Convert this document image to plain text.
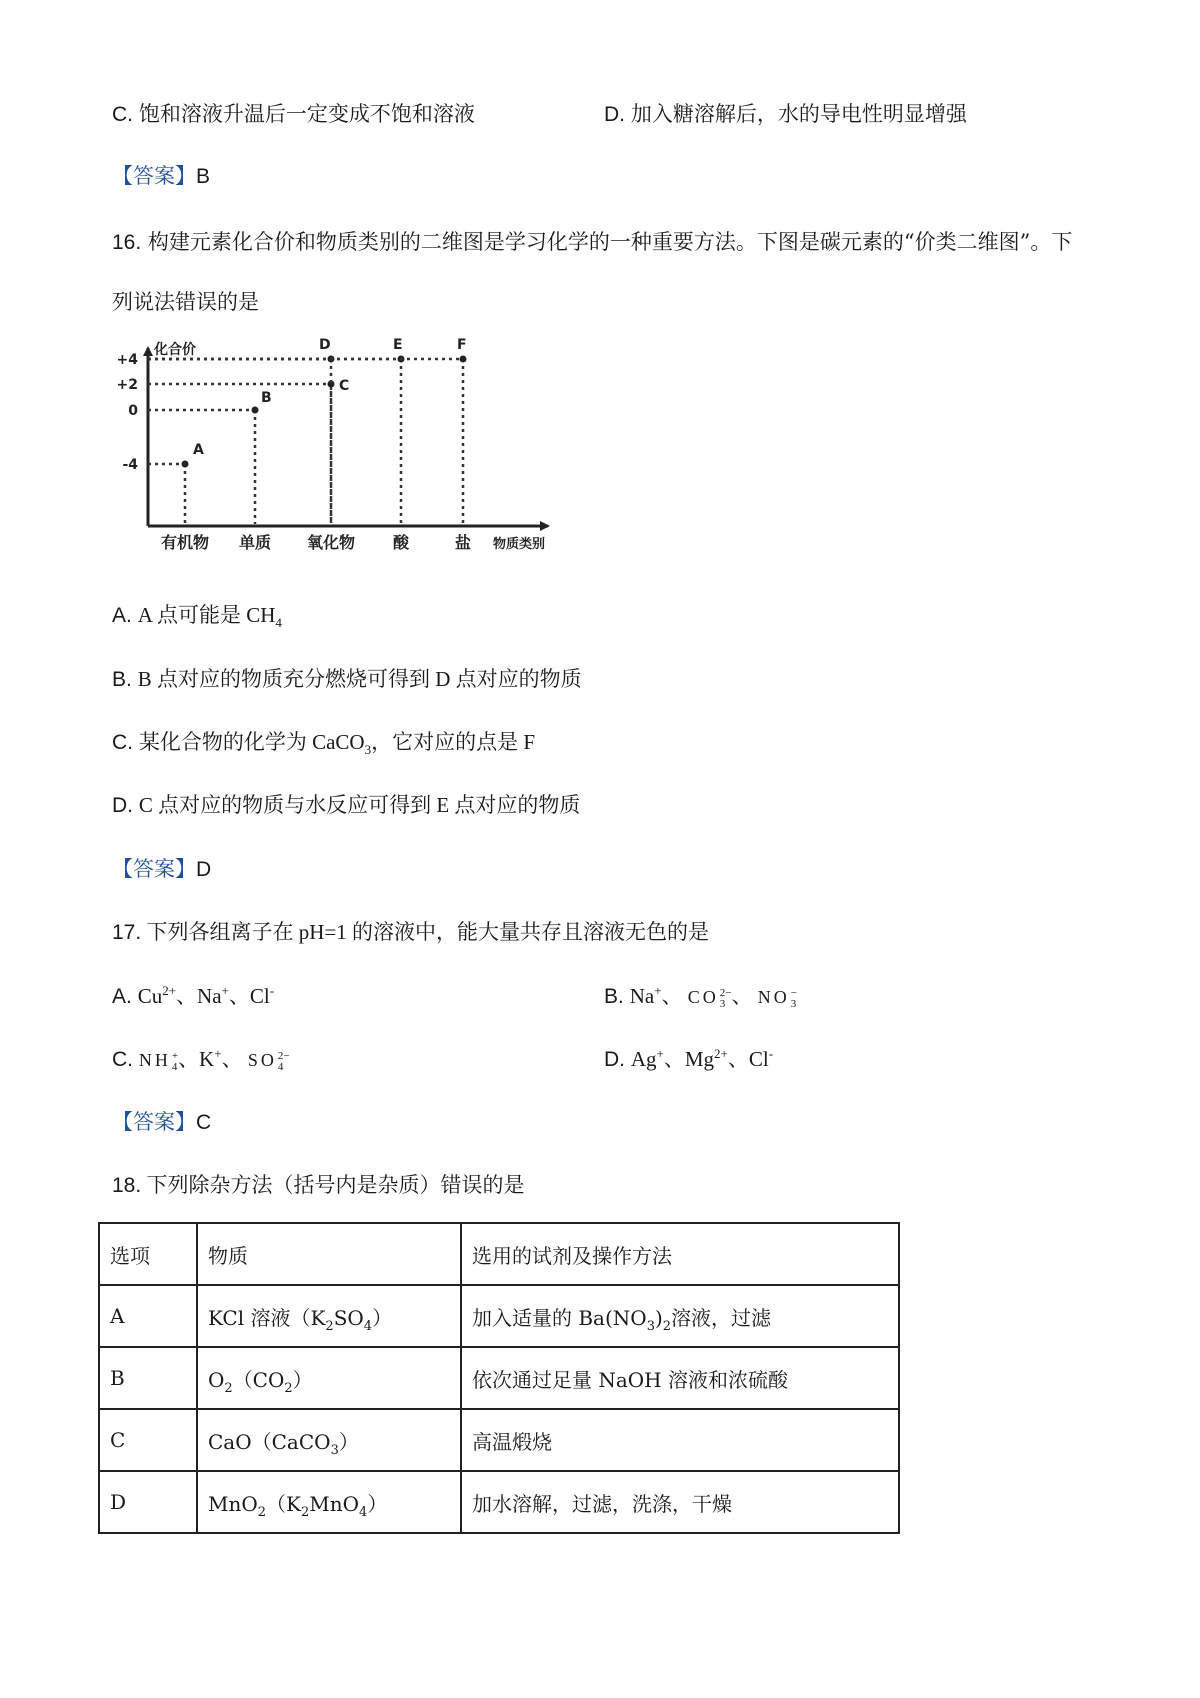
C. 饱和溶液升温后一定变成不饱和溶液	D. 加入糖溶解后，水的导电性明显增强
【答案】B
16. 构建元素化合价和物质类别的二维图是学习化学的一种重要方法。下图是碳元素的“价类二维图”。下
列说法错误的是
化合价
物质类别
+4
+2
0
-4
有机物 单质 氧化物 酸	盐
A
B
C
D	E	F
A. A 点可能是 $CH_4$
B. B 点对应的物质充分燃烧可得到 D 点对应的物质
C. 某化合物的化学为 CaCO$_3$，它对应的点是 F
D. C 点对应的物质与水反应可得到 E 点对应的物质
【答案】D
17. 下列各组离子在 pH=1 的溶液中，能大量共存且溶液无色的是
A. $Cu^{2+}$、Na+、Cl-	B. Na+、 CO 2−
3 、 NO −
3
C. NH +
4 、K+、 SO 2−
4	D. Ag+、$Mg^{2+}$、Cl-
【答案】C
18. 下列除杂方法（括号内是杂质）错误的是
选项	物质	选用的试剂及操作方法
A	KCl 溶液$(K_2SO_4)$	加入适量的 $Ba(NO_3)_2$溶液，过滤
B	$O_2(CO_2)$	依次通过足量 NaOH 溶液和浓硫酸
C	CaO（CaCO$_3$）	高温煅烧
D	$MnO_2(K_2MnO_4)$	加水溶解，过滤，洗涤，干燥
